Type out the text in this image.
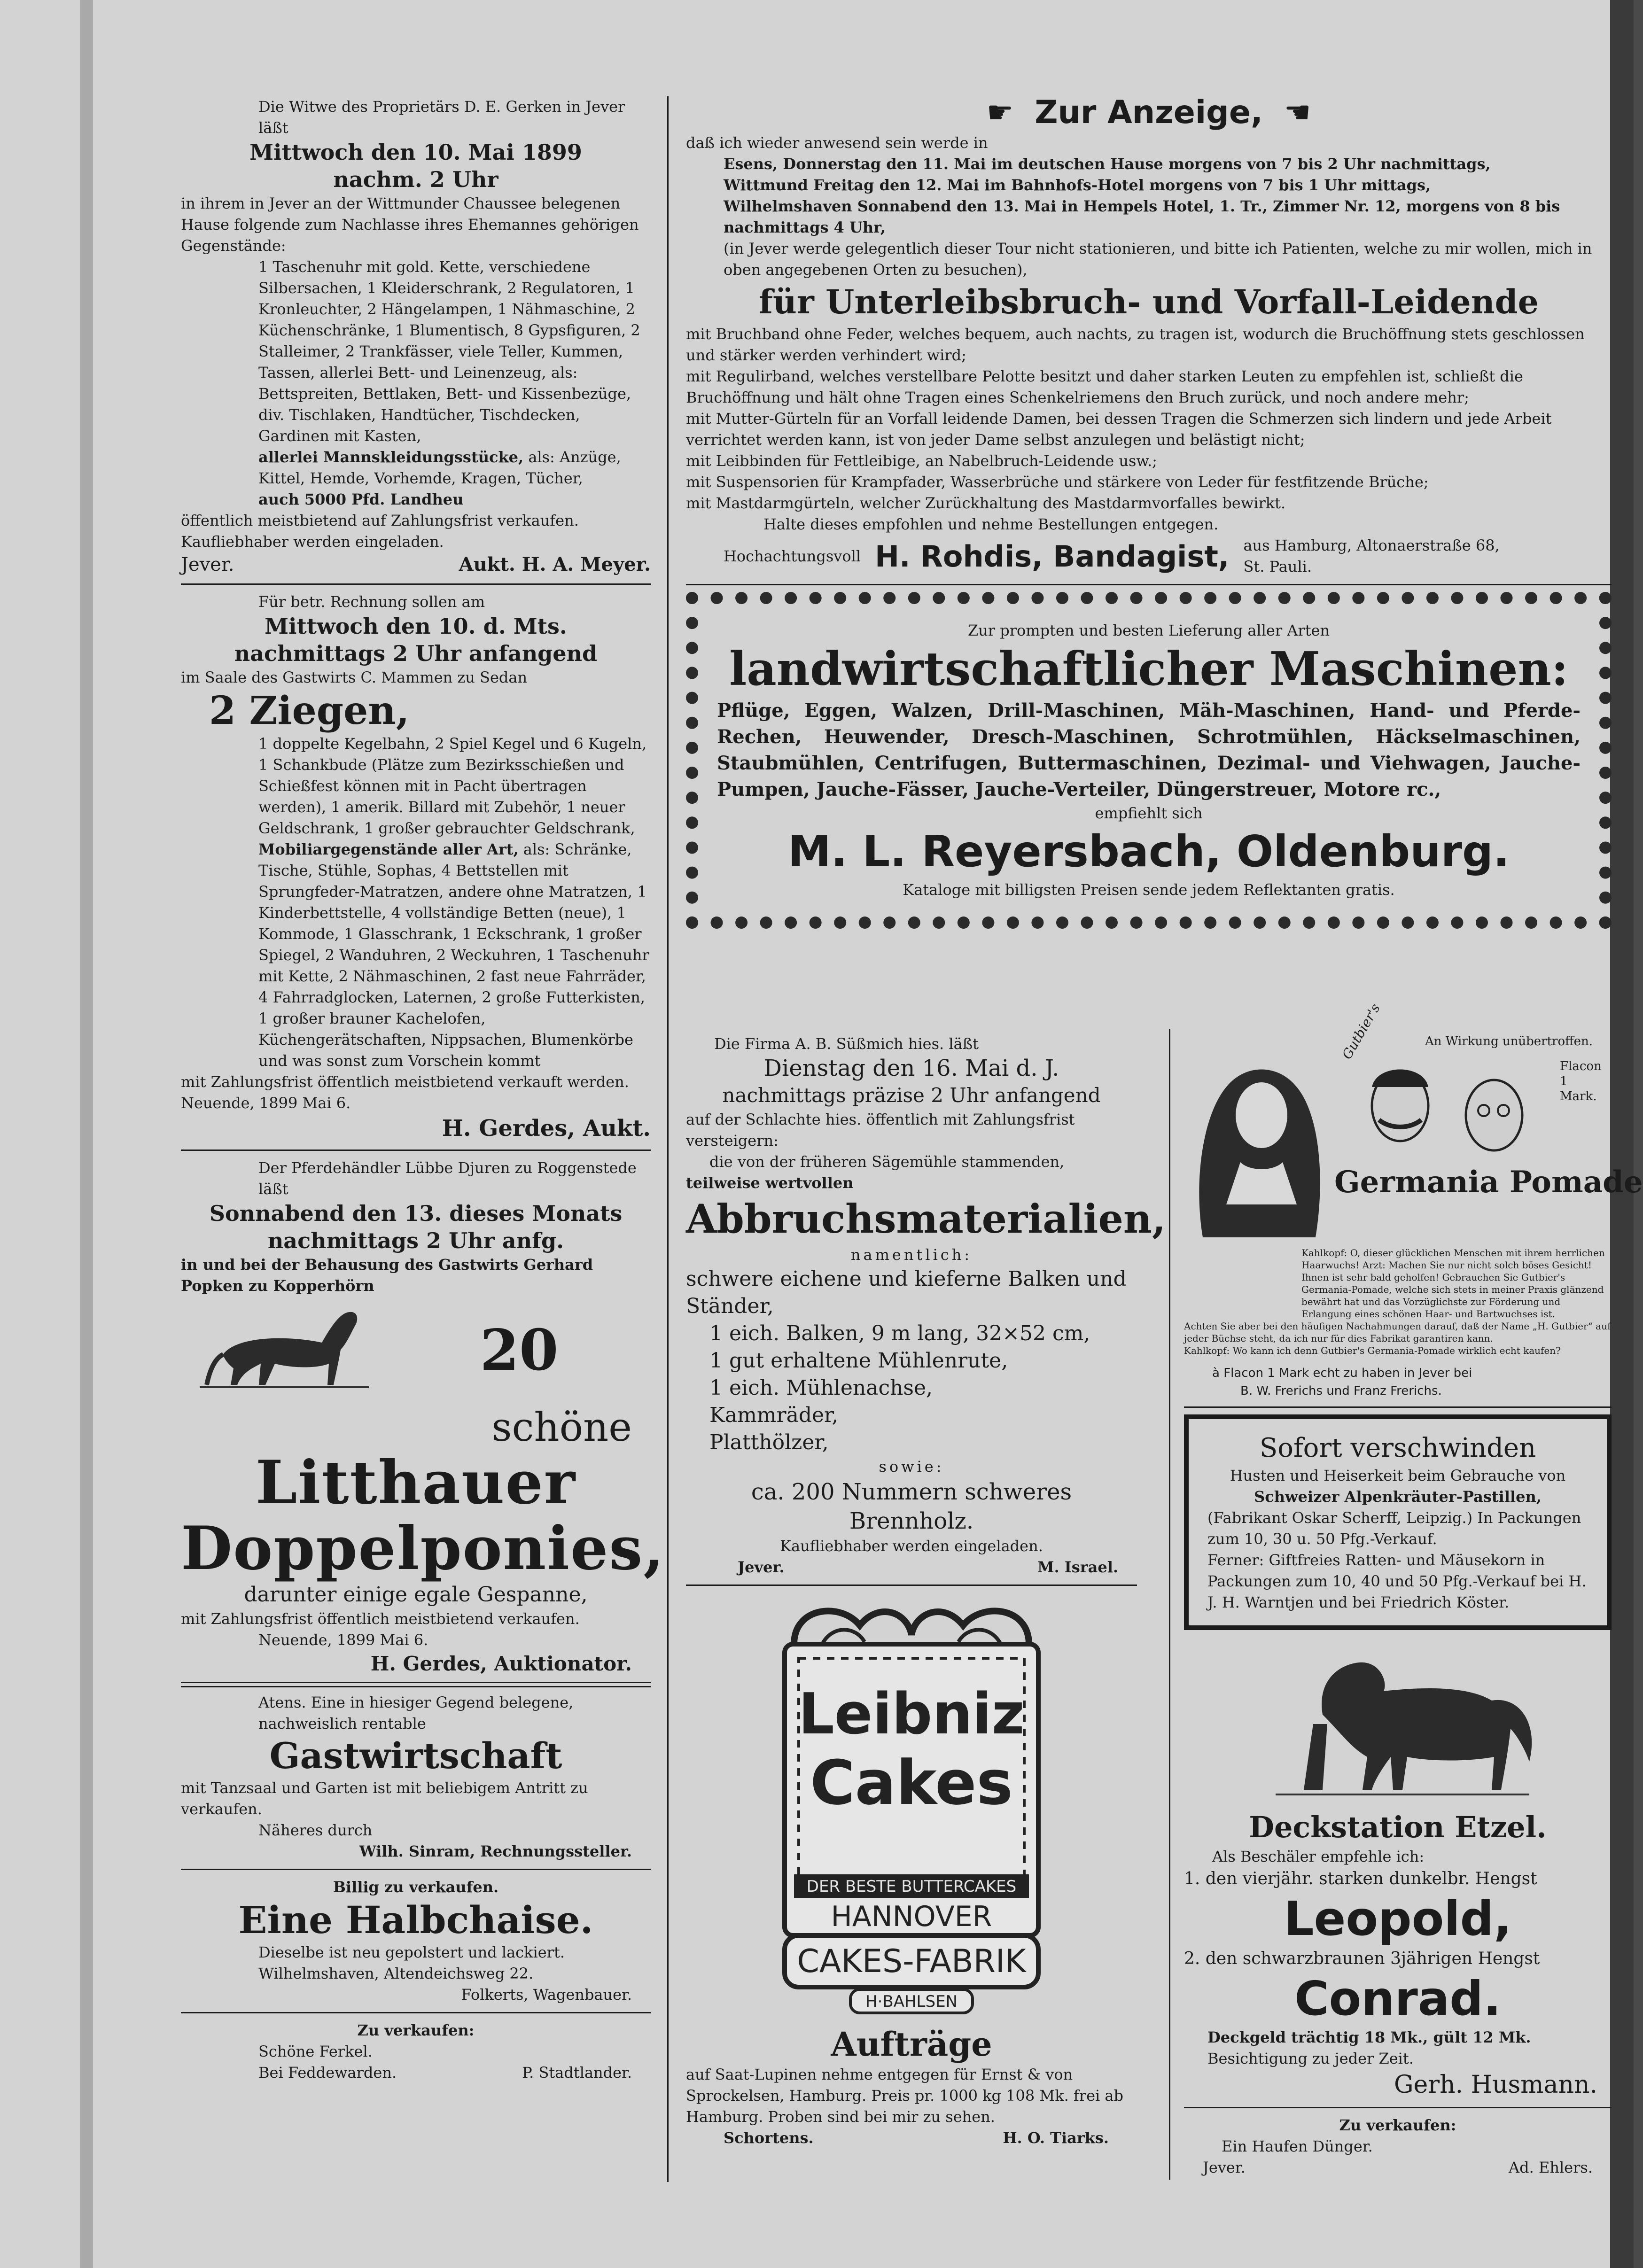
Die Witwe des Proprietärs D. E. Gerken in Jever läßt

Mittwoch den 10. Mai 1899

nachm. 2 Uhr

in ihrem in Jever an der Wittmunder Chaussee belegenen Hause folgende zum Nachlasse ihres Ehemannes gehörigen Gegenstände:

1 Taschenuhr mit gold. Kette, verschiedene Silbersachen, 1 Kleiderschrank, 2 Regulatoren, 1 Kronleuchter, 2 Hängelampen, 1 Nähmaschine, 2 Küchenschränke, 1 Blumentisch, 8 Gypsfiguren, 2 Stalleimer, 2 Trankfässer, viele Teller, Kummen, Tassen, allerlei Bett- und Leinenzeug, als: Bettspreiten, Bettlaken, Bett- und Kissenbezüge, div. Tischlaken, Handtücher, Tischdecken, Gardinen mit Kasten,

allerlei Mannskleidungsstücke, als: Anzüge, Kittel, Hemde, Vorhemde, Kragen, Tücher,

auch 5000 Pfd. Landheu

öffentlich meistbietend auf Zahlungsfrist verkaufen.

Kaufliebhaber werden eingeladen.

Jever.	Aukt. H. A. Meyer.

Für betr. Rechnung sollen am

Mittwoch den 10. d. Mts.

nachmittags 2 Uhr anfangend

im Saale des Gastwirts C. Mammen zu Sedan

2 Ziegen,

1 doppelte Kegelbahn, 2 Spiel Kegel und 6 Kugeln, 1 Schankbude (Plätze zum Bezirksschießen und Schießfest können mit in Pacht übertragen werden), 1 amerik. Billard mit Zubehör, 1 neuer Geldschrank, 1 großer gebrauchter Geldschrank,

Mobiliargegenstände aller Art, als: Schränke, Tische, Stühle, Sophas, 4 Bettstellen mit Sprungfeder-Matratzen, andere ohne Matratzen, 1 Kinderbettstelle, 4 vollständige Betten (neue), 1 Kommode, 1 Glasschrank, 1 Eckschrank, 1 großer Spiegel, 2 Wanduhren, 2 Weckuhren, 1 Taschenuhr mit Kette, 2 Nähmaschinen, 2 fast neue Fahrräder, 4 Fahrradglocken, Laternen, 2 große Futterkisten, 1 großer brauner Kachelofen, Küchengerätschaften, Nippsachen, Blumenkörbe und was sonst zum Vorschein kommt

mit Zahlungsfrist öffentlich meistbietend verkauft werden.

Neuende, 1899 Mai 6.

H. Gerdes, Aukt.

Der Pferdehändler Lübbe Djuren zu Roggenstede läßt

Sonnabend den 13. dieses Monats

nachmittags 2 Uhr anfg.

in und bei der Behausung des Gastwirts Gerhard Popken zu Kopperhörn

20

schöne

Litthauer

Doppelponies,

darunter einige egale Gespanne,

mit Zahlungsfrist öffentlich meistbietend verkaufen.

Neuende, 1899 Mai 6.

H. Gerdes, Auktionator.

Atens. Eine in hiesiger Gegend belegene, nachweislich rentable

Gastwirtschaft

mit Tanzsaal und Garten ist mit beliebigem Antritt zu verkaufen.

Näheres durch

Wilh. Sinram, Rechnungssteller.

Billig zu verkaufen.

Eine Halbchaise.

Dieselbe ist neu gepolstert und lackiert.

Wilhelmshaven, Altendeichsweg 22.

Folkerts, Wagenbauer.

Zu verkaufen:

Schöne Ferkel.

Bei Feddewarden.	P. Stadtlander.
☛ Zur Anzeige, ☛

daß ich wieder anwesend sein werde in

Esens, Donnerstag den 11. Mai im deutschen Hause morgens von 7 bis 2 Uhr nachmittags,

Wittmund Freitag den 12. Mai im Bahnhofs-Hotel morgens von 7 bis 1 Uhr mittags,

Wilhelmshaven Sonnabend den 13. Mai in Hempels Hotel, 1. Tr., Zimmer Nr. 12, morgens von 8 bis nachmittags 4 Uhr,

(in Jever werde gelegentlich dieser Tour nicht stationieren, und bitte ich Patienten, welche zu mir wollen, mich in oben angegebenen Orten zu besuchen),

für Unterleibsbruch- und Vorfall-Leidende

mit Bruchband ohne Feder, welches bequem, auch nachts, zu tragen ist, wodurch die Bruchöffnung stets geschlossen und stärker werden verhindert wird;

mit Regulirband, welches verstellbare Pelotte besitzt und daher starken Leuten zu empfehlen ist, schließt die Bruchöffnung und hält ohne Tragen eines Schenkelriemens den Bruch zurück, und noch andere mehr;

mit Mutter-Gürteln für an Vorfall leidende Damen, bei dessen Tragen die Schmerzen sich lindern und jede Arbeit verrichtet werden kann, ist von jeder Dame selbst anzulegen und belästigt nicht;

mit Leibbinden für Fettleibige, an Nabelbruch-Leidende usw.;

mit Suspensorien für Krampfader, Wasserbrüche und stärkere von Leder für festfitzende Brüche;

mit Mastdarmgürteln, welcher Zurückhaltung des Mastdarmvorfalles bewirkt.

Halte dieses empfohlen und nehme Bestellungen entgegen.

Hochachtungsvoll H. Rohdis, Bandagist, aus Hamburg, Altonaerstraße 68, St. Pauli.

Zur prompten und besten Lieferung aller Arten

landwirtschaftlicher Maschinen:

Pflüge, Eggen, Walzen, Drill-Maschinen, Mäh-Maschinen, Hand- und Pferde-Rechen, Heuwender, Dresch-Maschinen, Schrotmühlen, Häckselmaschinen, Staubmühlen, Centrifugen, Buttermaschinen, Dezimal- und Viehwagen, Jauche-Pumpen, Jauche-Fässer, Jauche-Verteiler, Düngerstreuer, Motore rc.,

empfiehlt sich

M. L. Reyersbach, Oldenburg.

Kataloge mit billigsten Preisen sende jedem Reflektanten gratis.

Die Firma A. B. Süßmich hies. läßt

Dienstag den 16. Mai d. J.

nachmittags präzise 2 Uhr anfangend

auf der Schlachte hies. öffentlich mit Zahlungsfrist versteigern:

die von der früheren Sägemühle stammenden,

teilweise wertvollen

Abbruchsmaterialien,

namentlich:

schwere eichene und kieferne Balken und Ständer,

1 eich. Balken, 9 m lang, 32×52 cm,

1 gut erhaltene Mühlenrute,

1 eich. Mühlenachse,

Kammräder,

Platthölzer,

sowie:

ca. 200 Nummern schweres Brennholz.

Kaufliebhaber werden eingeladen.

Jever.	M. Israel.
Leibniz
Cakes
DER BESTE BUTTERCAKES
HANNOVER
CAKES-FABRIK
H·BAHLSEN

Aufträge

auf Saat-Lupinen nehme entgegen für Ernst & von Sprockelsen, Hamburg. Preis pr. 1000 kg 108 Mk. frei ab Hamburg. Proben sind bei mir zu sehen.

Schortens.	H. O. Tiarks.

An Wirkung unübertroffen.

Gutbier's

Flacon 1 Mark.

Germania Pomade

Kahlkopf: O, dieser glücklichen Menschen mit ihrem herrlichen Haarwuchs! Arzt: Machen Sie nur nicht solch böses Gesicht! Ihnen ist sehr bald geholfen! Gebrauchen Sie Gutbier's Germania-Pomade, welche sich stets in meiner Praxis glänzend bewährt hat und das Vorzüglichste zur Förderung und Erlangung eines schönen Haar- und Bartwuchses ist.

Achten Sie aber bei den häufigen Nachahmungen darauf, daß der Name „H. Gutbier“ auf jeder Büchse steht, da ich nur für dies Fabrikat garantiren kann.

Kahlkopf: Wo kann ich denn Gutbier's Germania-Pomade wirklich echt kaufen?

à Flacon 1 Mark echt zu haben in Jever bei

B. W. Frerichs und Franz Frerichs.

Sofort verschwinden

Husten und Heiserkeit beim Gebrauche von

Schweizer Alpenkräuter-Pastillen,

(Fabrikant Oskar Scherff, Leipzig.) In Packungen zum 10, 30 u. 50 Pfg.-Verkauf.

Ferner: Giftfreies Ratten- und Mäusekorn in Packungen zum 10, 40 und 50 Pfg.-Verkauf bei H. J. H. Warntjen und bei Friedrich Köster.

Deckstation Etzel.

Als Beschäler empfehle ich:

1. den vierjähr. starken dunkelbr. Hengst

Leopold,

2. den schwarzbraunen 3jährigen Hengst

Conrad.

Deckgeld trächtig 18 Mk., gült 12 Mk.

Besichtigung zu jeder Zeit.

Gerh. Husmann.

Zu verkaufen:

Ein Haufen Dünger.

Jever.	Ad. Ehlers.
